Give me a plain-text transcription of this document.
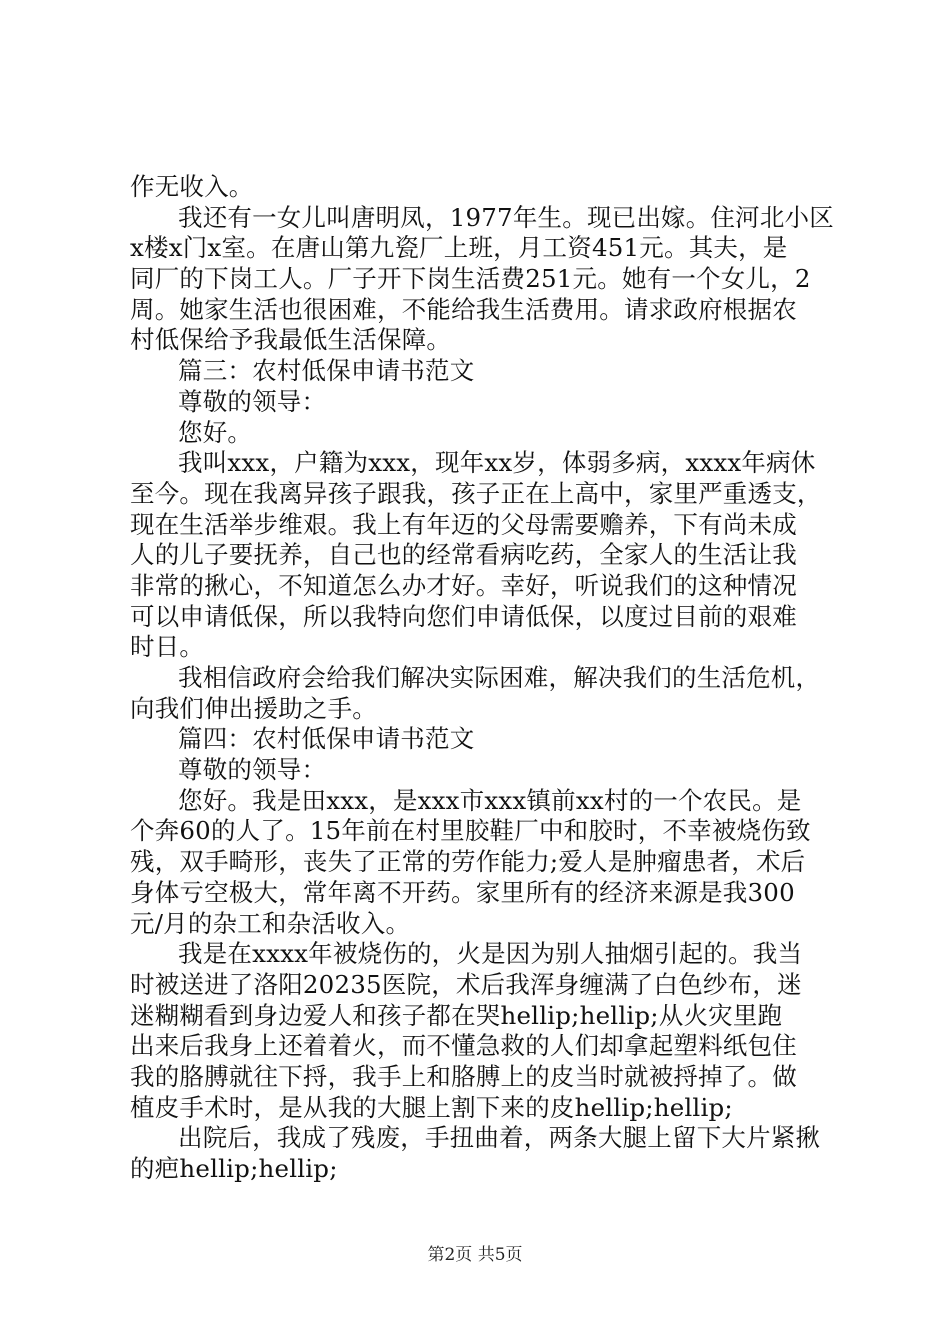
作无收入。
我还有一女儿叫唐明凤，1977年生。现已出嫁。住河北小区
x楼x门x室。在唐山第九瓷厂上班，月工资451元。其夫，是
同厂的下岗工人。厂子开下岗生活费251元。她有一个女儿，2
周。她家生活也很困难，不能给我生活费用。请求政府根据农
村低保给予我最低生活保障。
篇三：农村低保申请书范文
尊敬的领导：
您好。
我叫xxx，户籍为xxx，现年xx岁，体弱多病，xxxx年病休
至今。现在我离异孩子跟我，孩子正在上高中，家里严重透支，
现在生活举步维艰。我上有年迈的父母需要赡养，下有尚未成
人的儿子要抚养，自己也的经常看病吃药，全家人的生活让我
非常的揪心，不知道怎么办才好。幸好，听说我们的这种情况
可以申请低保，所以我特向您们申请低保，以度过目前的艰难
时日。
我相信政府会给我们解决实际困难，解决我们的生活危机，
向我们伸出援助之手。
篇四：农村低保申请书范文
尊敬的领导：
您好。我是田xxx，是xxx市xxx镇前xx村的一个农民。是
个奔60的人了。15年前在村里胶鞋厂中和胶时，不幸被烧伤致
残，双手畸形，丧失了正常的劳作能力;爱人是肿瘤患者，术后
身体亏空极大，常年离不开药。家里所有的经济来源是我300
元/月的杂工和杂活收入。
我是在xxxx年被烧伤的，火是因为别人抽烟引起的。我当
时被送进了洛阳20235医院，术后我浑身缠满了白色纱布，迷
迷糊糊看到身边爱人和孩子都在哭hellip;hellip;从火灾里跑
出来后我身上还着着火，而不懂急救的人们却拿起塑料纸包住
我的胳膊就往下捋，我手上和胳膊上的皮当时就被捋掉了。做
植皮手术时，是从我的大腿上割下来的皮hellip;hellip;
出院后，我成了残废，手扭曲着，两条大腿上留下大片紧揪
的疤hellip;hellip;
第2页 共5页
